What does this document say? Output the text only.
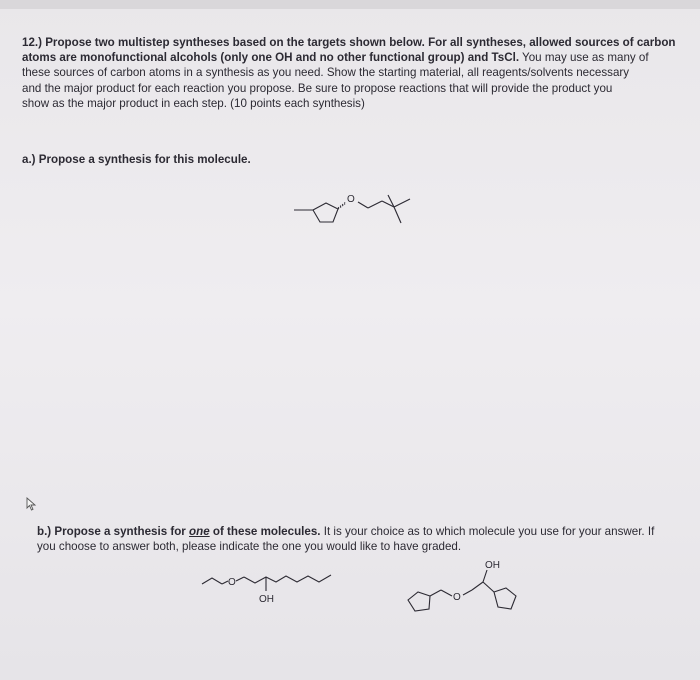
12.) Propose two multistep syntheses based on the targets shown below. For all syntheses, allowed sources of carbon
atoms are monofunctional alcohols (only one OH and no other functional group) and TsCl. You may use as many of
these sources of carbon atoms in a synthesis as you need. Show the starting material, all reagents/solvents necessary
and the major product for each reaction you propose. Be sure to propose reactions that will provide the product you
show as the major product in each step. (10 points each synthesis)
a.) Propose a synthesis for this molecule.
O
b.) Propose a synthesis for one of these molecules. It is your choice as to which molecule you use for your answer. If
you choose to answer both, please indicate the one you would like to have graded.
O
OH	O
OH
